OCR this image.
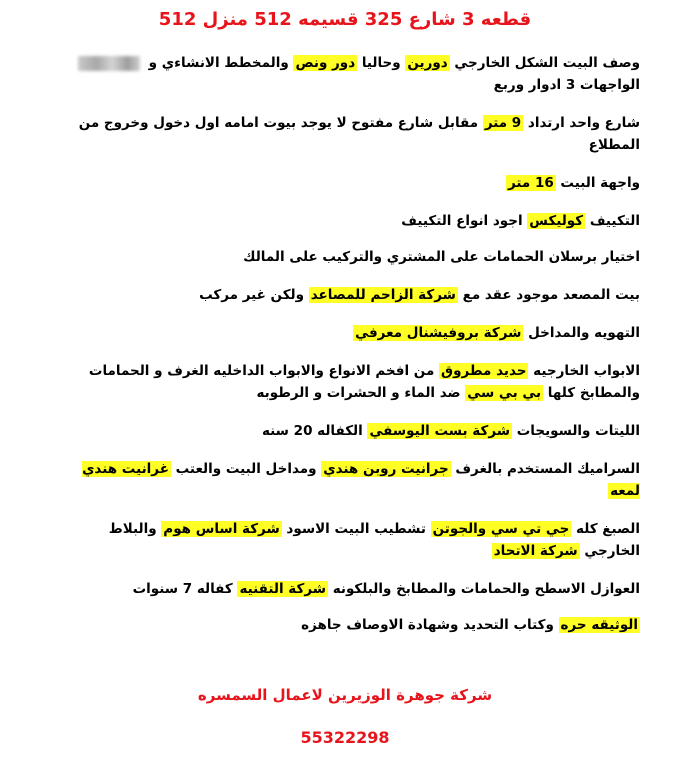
قطعه 3 شارع 325 قسيمه 512 منزل 512

وصف البيت الشكل الخارجي دورين وحاليا دور ونص والمخطط الانشاءي و  الواجهات 3 ادوار وربع

شارع واحد ارتداد 9 متر مقابل شارع مفتوح لا يوجد بيوت امامه اول دخول وخروج من المطلاع

واجهة البيت 16 متر

التكييف كوليكس اجود انواع التكييف

اختيار برسلان الحمامات على المشتري والتركيب على المالك

بيت المصعد موجود عقد مع شركة الزاحم للمصاعد ولكن غير مركب

التهويه والمداخل شركة بروفيشنال معرفي

الابواب الخارجيه حديد مطروق من افخم الانواع والابواب الداخليه الغرف و الحمامات والمطابخ كلها بي بي سي ضد الماء و الحشرات و الرطوبه

الليتات والسويجات شركة بست اليوسفي الكفاله 20 سنه

السراميك المستخدم بالغرف جرانيت روبن هندي ومداخل البيت والعتب غرانيت هندي لمعه

الصبغ كله جي تي سي والجوتن تشطيب البيت الاسود شركة اساس هوم والبلاط الخارجي شركة الاتحاد

العوازل الاسطح والحمامات والمطابخ والبلكونه شركة التقنيه كفاله 7 سنوات

الوثيقه حره وكتاب التحديد وشهادة الاوصاف جاهزه

شركة جوهرة الوزيرين لاعمال السمسره

55322298
